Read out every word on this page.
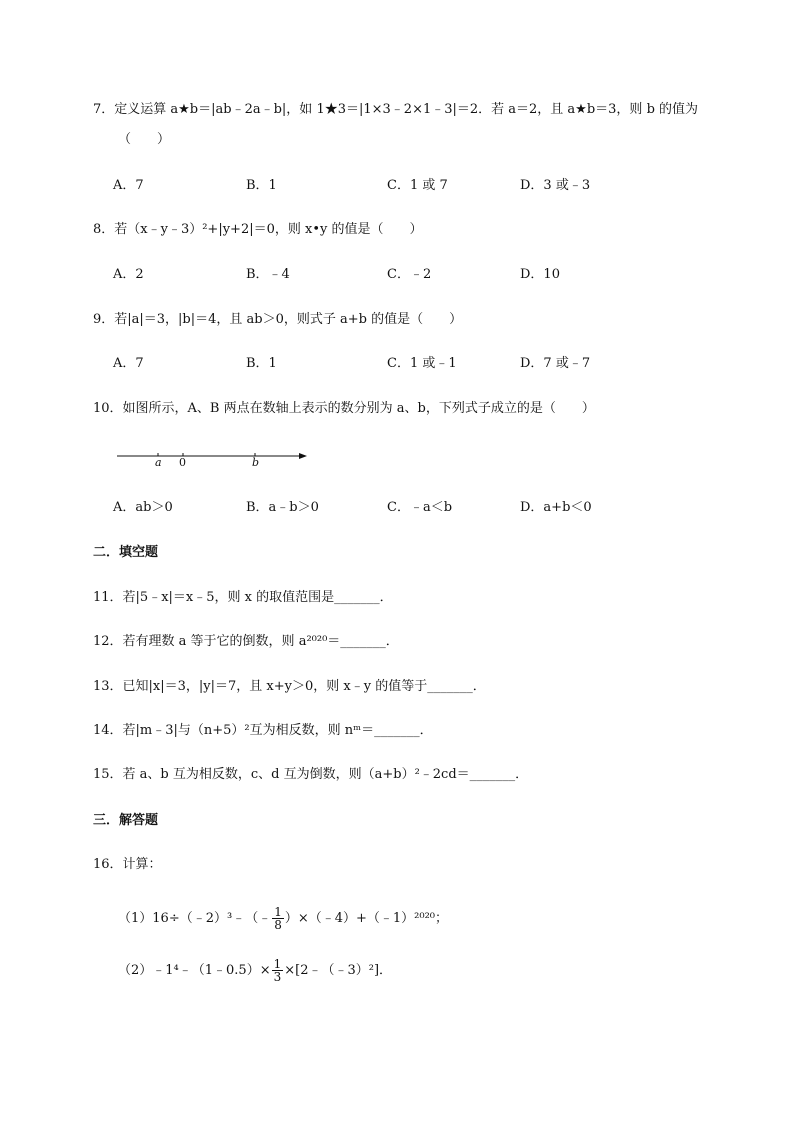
7．定义运算 a★b＝|ab﹣2a﹣b|，如 1★3＝|1×3﹣2×1﹣3|＝2．若 a＝2，且 a★b＝3，则 b 的值为
（　　）
A．7	B．1	C．1 或 7	D．3 或﹣3
8．若（x﹣y﹣3）²+|y+2|＝0，则 x•y 的值是（　　）
A．2	B．﹣4	C．﹣2	D．10
9．若|a|＝3，|b|＝4，且 ab＞0，则式子 a+b 的值是（　　）
A．7	B．1	C．1 或﹣1	D．7 或﹣7
10．如图所示，A、B 两点在数轴上表示的数分别为 a、b，下列式子成立的是（　　）
a 0	b
A．ab＞0	B．a﹣b＞0	C．﹣a＜b	D．a+b＜0
二．填空题
11．若|5﹣x|＝x﹣5，则 x 的取值范围是_______．
12．若有理数 a 等于它的倒数，则 a²⁰²⁰＝_______．
13．已知|x|＝3，|y|＝7，且 x+y＞0，则 x﹣y 的值等于_______．
14．若|m﹣3|与（n+5）²互为相反数，则 nᵐ＝_______．
15．若 a、b 互为相反数，c、d 互为倒数，则（a+b）²﹣2cd＝_______．
三．解答题
16．计算：
（1）16÷（﹣2）³﹣（﹣ $\frac{1}{8}$ ）×（﹣4）+（﹣1）²⁰²⁰；
（2）﹣1⁴﹣（1﹣0.5）× $\frac{1}{3}$ ×[2﹣（﹣3）²]．
